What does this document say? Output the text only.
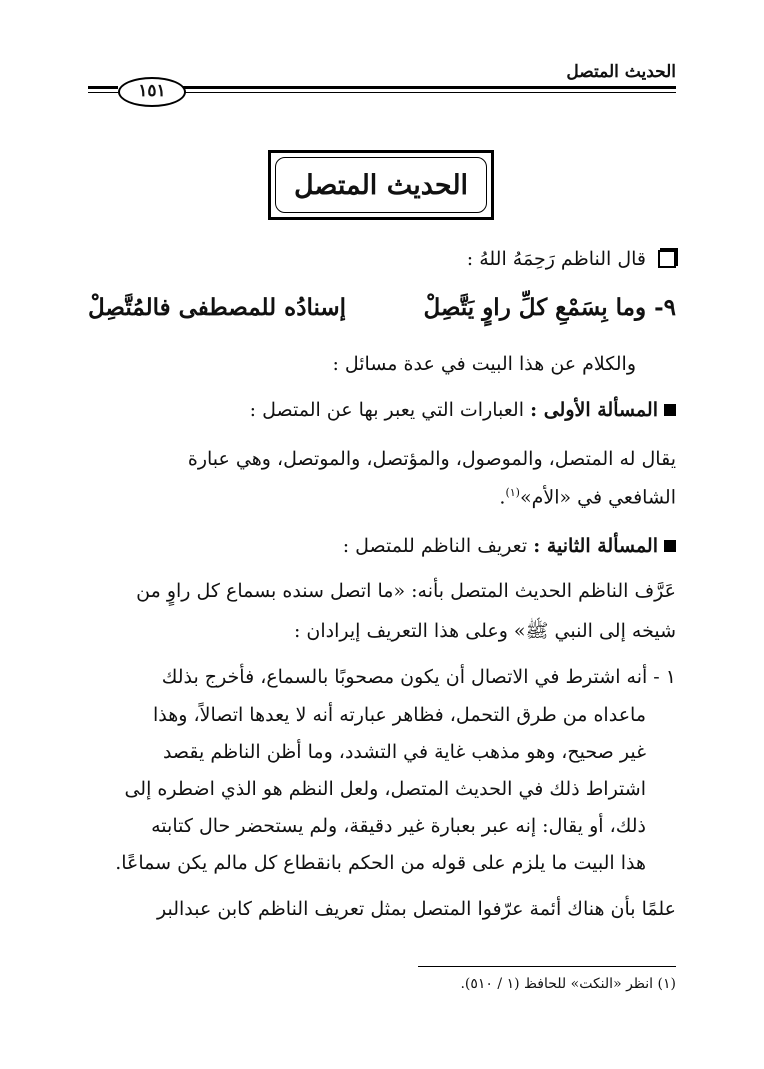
الحديث المتصل
١٥١
الحديث المتصل
قال الناظم رَحِمَهُ اللهُ :
٩- وما بِسَمْعِ كلِّ راوٍ يَتَّصِلْ
إسنادُه للمصطفى فالمُتَّصِلْ
والكلام عن هذا البيت في عدة مسائل :
المسألة الأولى :

العبارات التي يعبر بها عن المتصل :
يقال له المتصل، والموصول، والمؤتصل، والموتصل، وهي عبارة
الشافعي في «الأم»$^{(١)}$.
المسألة الثانية :

تعريف الناظم للمتصل :
عَرَّف الناظم الحديث المتصل بأنه: «ما اتصل سنده بسماع كل راوٍ من
شيخه إلى النبي ﷺ» وعلى هذا التعريف إيرادان :
١ - أنه اشترط في الاتصال أن يكون مصحوبًا بالسماع، فأخرج بذلك
ماعداه من طرق التحمل، فظاهر عبارته أنه لا يعدها اتصالاً، وهذا
غير صحيح، وهو مذهب غاية في التشدد، وما أظن الناظم يقصد
اشتراط ذلك في الحديث المتصل، ولعل النظم هو الذي اضطره إلى
ذلك، أو يقال: إنه عبر بعبارة غير دقيقة، ولم يستحضر حال كتابته
هذا البيت ما يلزم على قوله من الحكم بانقطاع كل مالم يكن سماعًا.
علمًا بأن هناك أئمة عرّفوا المتصل بمثل تعريف الناظم كابن عبدالبر
(١) انظر «النكت» للحافظ (١ / ٥١٠).
